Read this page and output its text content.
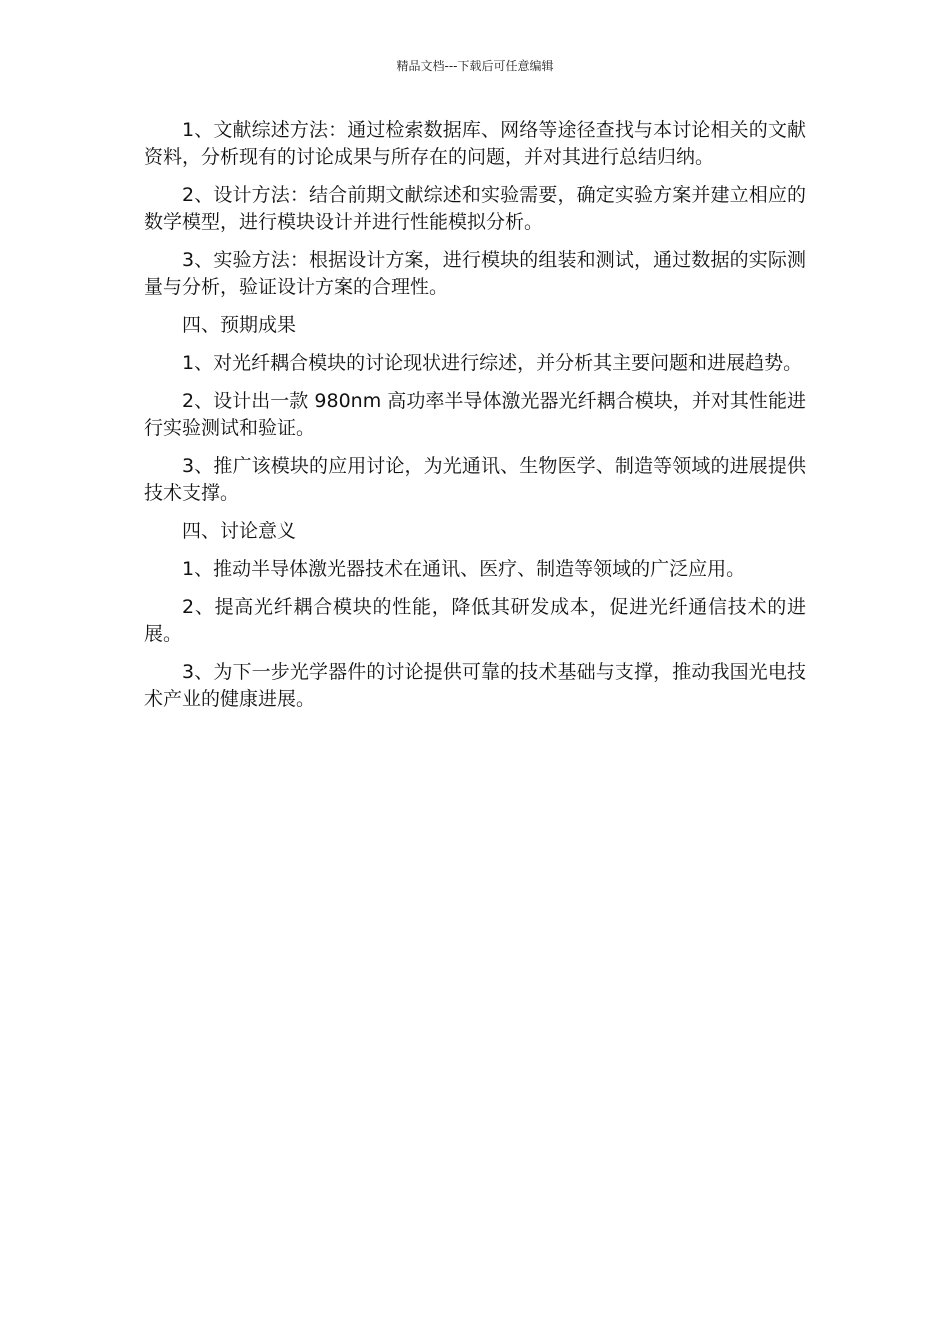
精品文档---下载后可任意编辑

1、文献综述方法：通过检索数据库、网络等途径查找与本讨论相关的文献资料，分析现有的讨论成果与所存在的问题，并对其进行总结归纳。

2、设计方法：结合前期文献综述和实验需要，确定实验方案并建立相应的数学模型，进行模块设计并进行性能模拟分析。

3、实验方法：根据设计方案，进行模块的组装和测试，通过数据的实际测量与分析，验证设计方案的合理性。

四、预期成果

1、对光纤耦合模块的讨论现状进行综述，并分析其主要问题和进展趋势。

2、设计出一款 980nm 高功率半导体激光器光纤耦合模块，并对其性能进行实验测试和验证。

3、推广该模块的应用讨论，为光通讯、生物医学、制造等领域的进展提供技术支撑。

四、讨论意义

1、推动半导体激光器技术在通讯、医疗、制造等领域的广泛应用。

2、提高光纤耦合模块的性能，降低其研发成本，促进光纤通信技术的进展。

3、为下一步光学器件的讨论提供可靠的技术基础与支撑，推动我国光电技术产业的健康进展。
